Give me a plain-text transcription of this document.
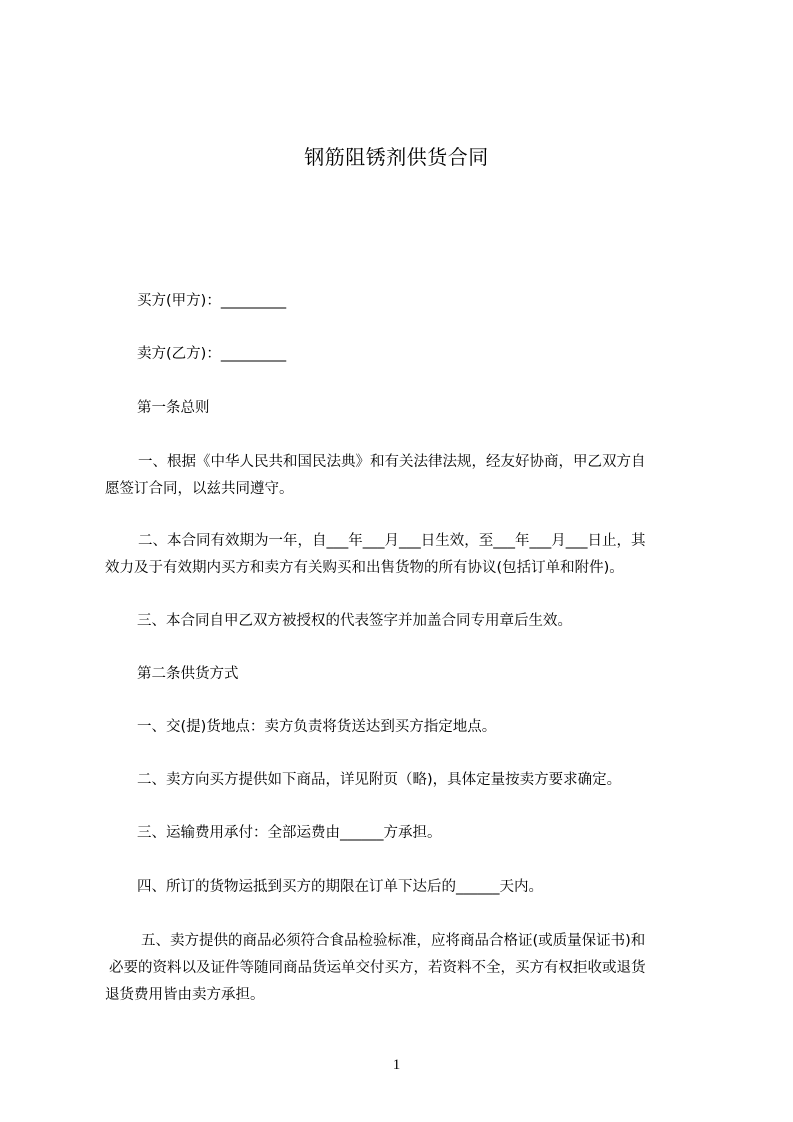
钢筋阻锈剂供货合同
买方(甲方)：_________
卖方(乙方)：_________
第一条总则
一、根据《中华人民共和国民法典》和有关法律法规，经友好协商，甲乙双方自
愿签订合同，以兹共同遵守。
二、本合同有效期为一年，自___年___月___日生效，至___年___月___日止，其
效力及于有效期内买方和卖方有关购买和出售货物的所有协议(包括订单和附件)。
三、本合同自甲乙双方被授权的代表签字并加盖合同专用章后生效。
第二条供货方式
一、交(提)货地点：卖方负责将货送达到买方指定地点。
二、卖方向买方提供如下商品，详见附页（略)，具体定量按卖方要求确定。
三、运输费用承付：全部运费由______方承担。
四、所订的货物运抵到买方的期限在订单下达后的______天内。
五、卖方提供的商品必须符合食品检验标准，应将商品合格证(或质量保证书)和
必要的资料以及证件等随同商品货运单交付买方，若资料不全，买方有权拒收或退货
退货费用皆由卖方承担。
1
